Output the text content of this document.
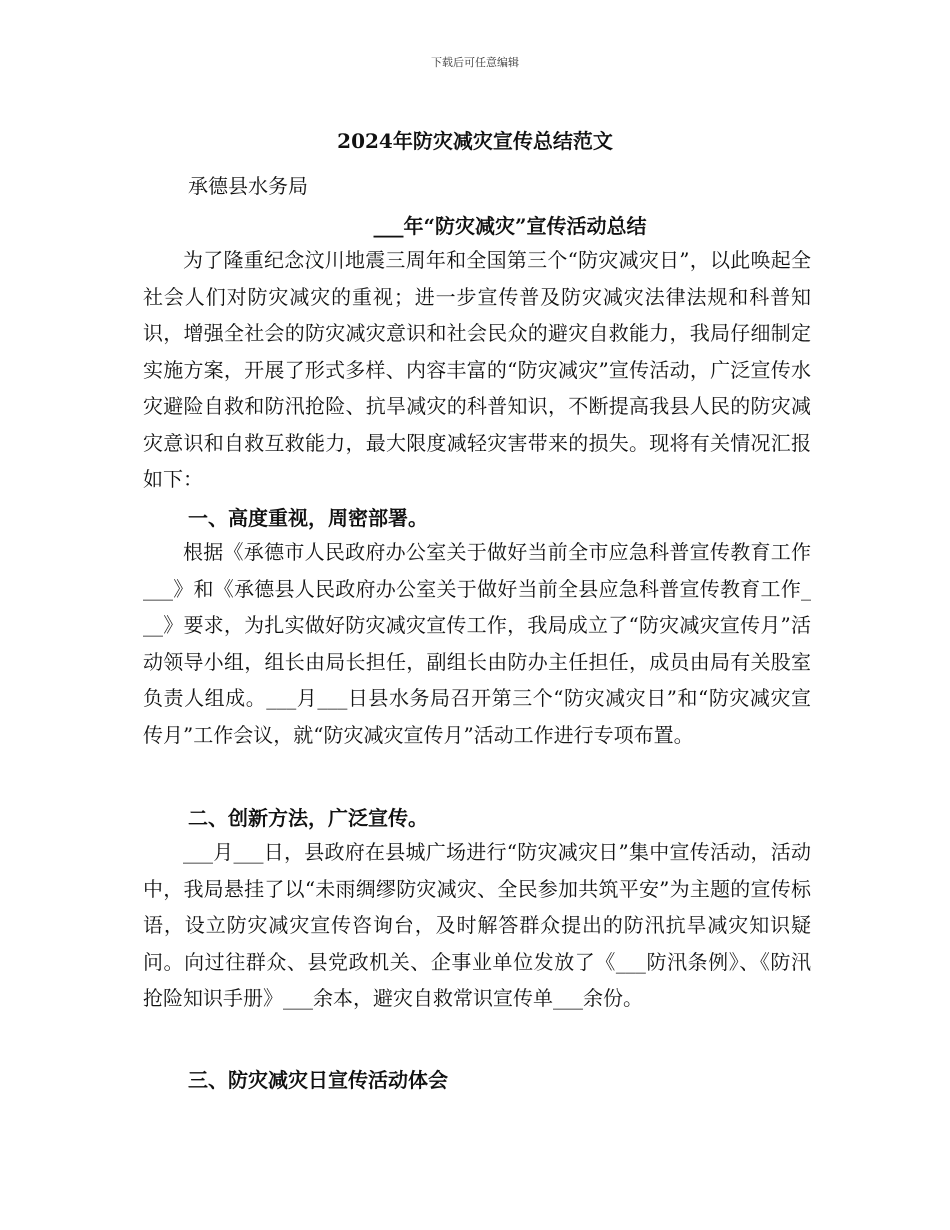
下载后可任意编辑
2024年防灾减灾宣传总结范文

承德县水务局

___年“防灾减灾”宣传活动总结

为了隆重纪念汶川地震三周年和全国第三个“防灾减灾日”，以此唤起全社会人们对防灾减灾的重视；进一步宣传普及防灾减灾法律法规和科普知识，增强全社会的防灾减灾意识和社会民众的避灾自救能力，我局仔细制定实施方案，开展了形式多样、内容丰富的“防灾减灾”宣传活动，广泛宣传水灾避险自救和防汛抢险、抗旱减灾的科普知识，不断提高我县人民的防灾减灾意识和自救互救能力，最大限度减轻灾害带来的损失。现将有关情况汇报如下：

一、高度重视，周密部署。

根据《承德市人民政府办公室关于做好当前全市应急科普宣传教育工作___》和《承德县人民政府办公室关于做好当前全县应急科普宣传教育工作___》要求，为扎实做好防灾减灾宣传工作，我局成立了“防灾减灾宣传月”活动领导小组，组长由局长担任，副组长由防办主任担任，成员由局有关股室负责人组成。___月___日县水务局召开第三个“防灾减灾日”和“防灾减灾宣传月”工作会议，就“防灾减灾宣传月”活动工作进行专项布置。

二、创新方法，广泛宣传。

___月___日，县政府在县城广场进行“防灾减灾日”集中宣传活动，活动中，我局悬挂了以“未雨绸缪防灾减灾、全民参加共筑平安”为主题的宣传标语，设立防灾减灾宣传咨询台，及时解答群众提出的防汛抗旱减灾知识疑问。向过往群众、县党政机关、企事业单位发放了《___防汛条例》、《防汛抢险知识手册》___余本，避灾自救常识宣传单___余份。

三、防灾减灾日宣传活动体会
